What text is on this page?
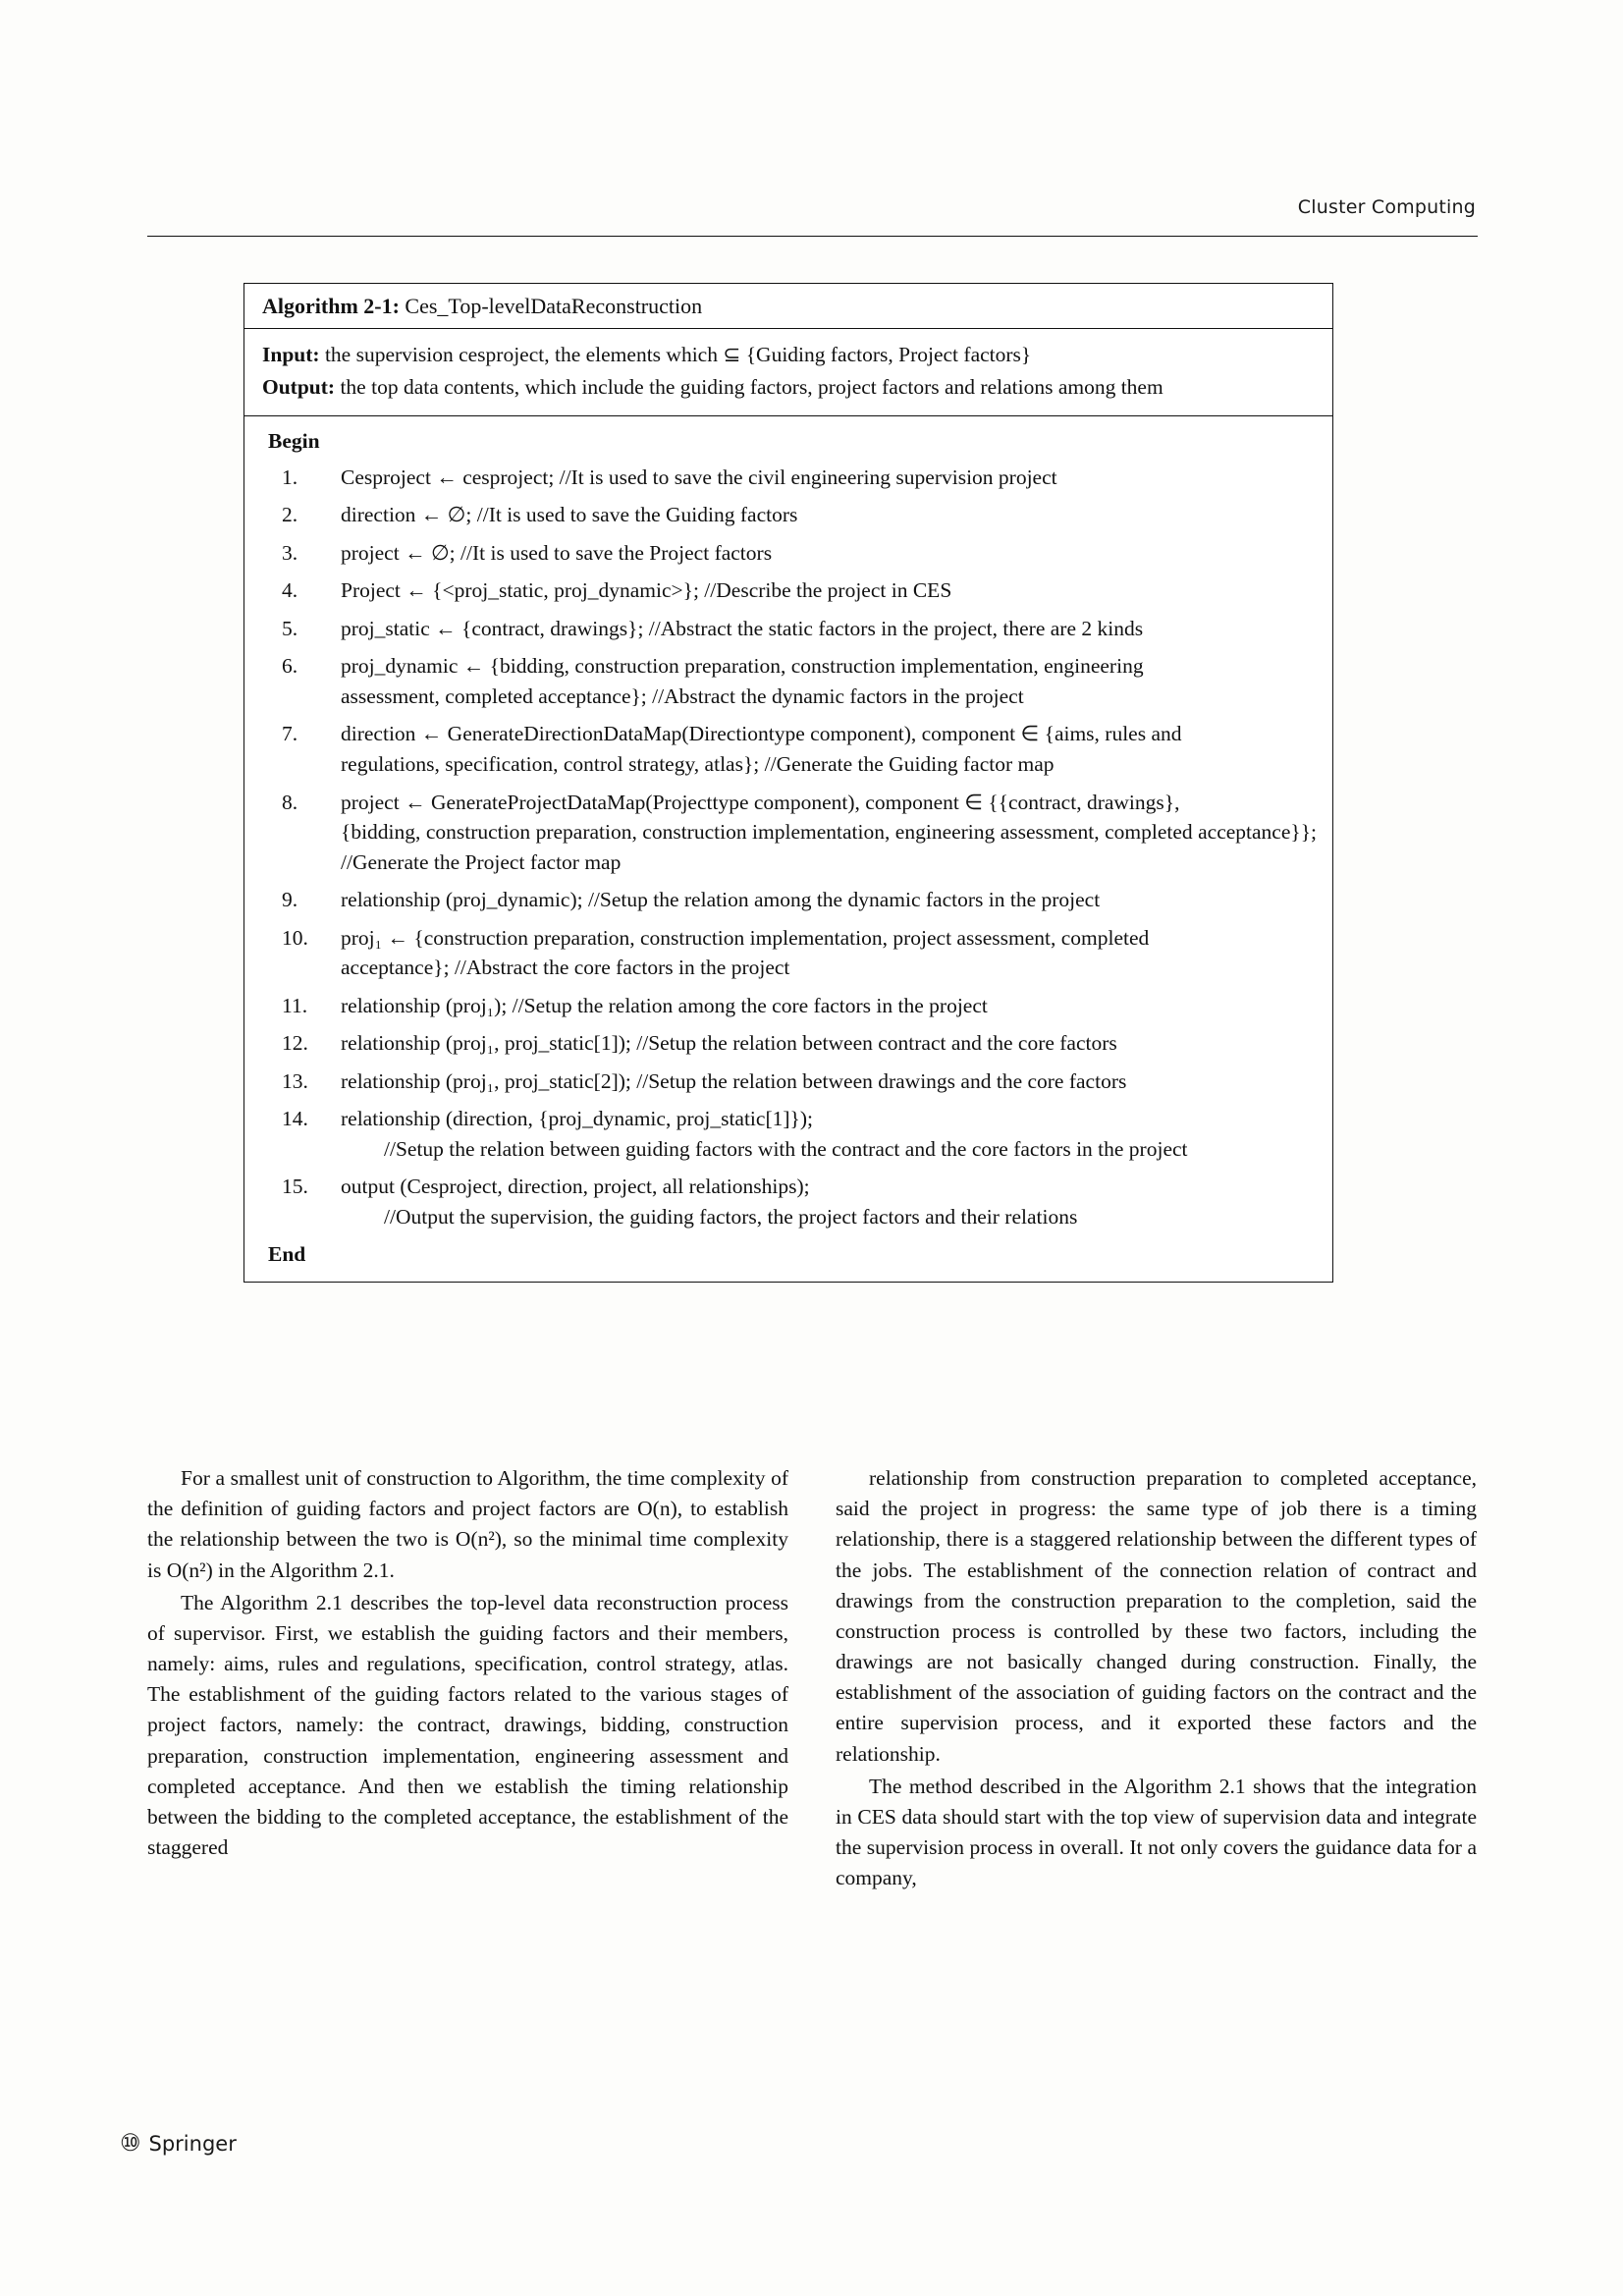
Cluster Computing
Algorithm 2-1: Ces_Top-levelDataReconstruction
Input: the supervision cesproject, the elements which ⊆ {Guiding factors, Project factors}
Output: the top data contents, which include the guiding factors, project factors and relations among them
Begin
1.	Cesproject ← cesproject; //It is used to save the civil engineering supervision project
2.	direction ← ∅; //It is used to save the Guiding factors
3.	project ← ∅; //It is used to save the Project factors
4.	Project ← {<proj_static, proj_dynamic>}; //Describe the project in CES
5.	proj_static ← {contract, drawings}; //Abstract the static factors in the project, there are 2 kinds
6.	proj_dynamic ← {bidding, construction preparation, construction implementation, engineering
assessment, completed acceptance}; //Abstract the dynamic factors in the project
7.	direction ← GenerateDirectionDataMap(Directiontype component), component ∈ {aims, rules and
regulations, specification, control strategy, atlas}; //Generate the Guiding factor map
8.	project ← GenerateProjectDataMap(Projecttype component), component ∈ {{contract, drawings},
{bidding, construction preparation, construction implementation, engineering assessment, completed acceptance}}; //Generate the Project factor map
9.	relationship (proj_dynamic); //Setup the relation among the dynamic factors in the project
10.	proj₁ ← {construction preparation, construction implementation, project assessment, completed
acceptance}; //Abstract the core factors in the project
11.	relationship (proj₁); //Setup the relation among the core factors in the project
12.	relationship (proj₁, proj_static[1]); //Setup the relation between contract and the core factors
13.	relationship (proj₁, proj_static[2]); //Setup the relation between drawings and the core factors
14.	relationship (direction, {proj_dynamic, proj_static[1]});
//Setup the relation between guiding factors with the contract and the core factors in the project
15.	output (Cesproject, direction, project, all relationships);
//Output the supervision, the guiding factors, the project factors and their relations
End

For a smallest unit of construction to Algorithm, the time complexity of the definition of guiding factors and project factors are O(n), to establish the relationship between the two is O(n²), so the minimal time complexity is O(n²) in the Algorithm 2.1.

The Algorithm 2.1 describes the top-level data reconstruction process of supervisor. First, we establish the guiding factors and their members, namely: aims, rules and regulations, specification, control strategy, atlas. The establishment of the guiding factors related to the various stages of project factors, namely: the contract, drawings, bidding, construction preparation, construction implementation, engineering assessment and completed acceptance. And then we establish the timing relationship between the bidding to the completed acceptance, the establishment of the staggered

relationship from construction preparation to completed acceptance, said the project in progress: the same type of job there is a timing relationship, there is a staggered relationship between the different types of the jobs. The establishment of the connection relation of contract and drawings from the construction preparation to the completion, said the construction process is controlled by these two factors, including the drawings are not basically changed during construction. Finally, the establishment of the association of guiding factors on the contract and the entire supervision process, and it exported these factors and the relationship.

The method described in the Algorithm 2.1 shows that the integration in CES data should start with the top view of supervision data and integrate the supervision process in overall. It not only covers the guidance data for a company,

⑩ Springer
